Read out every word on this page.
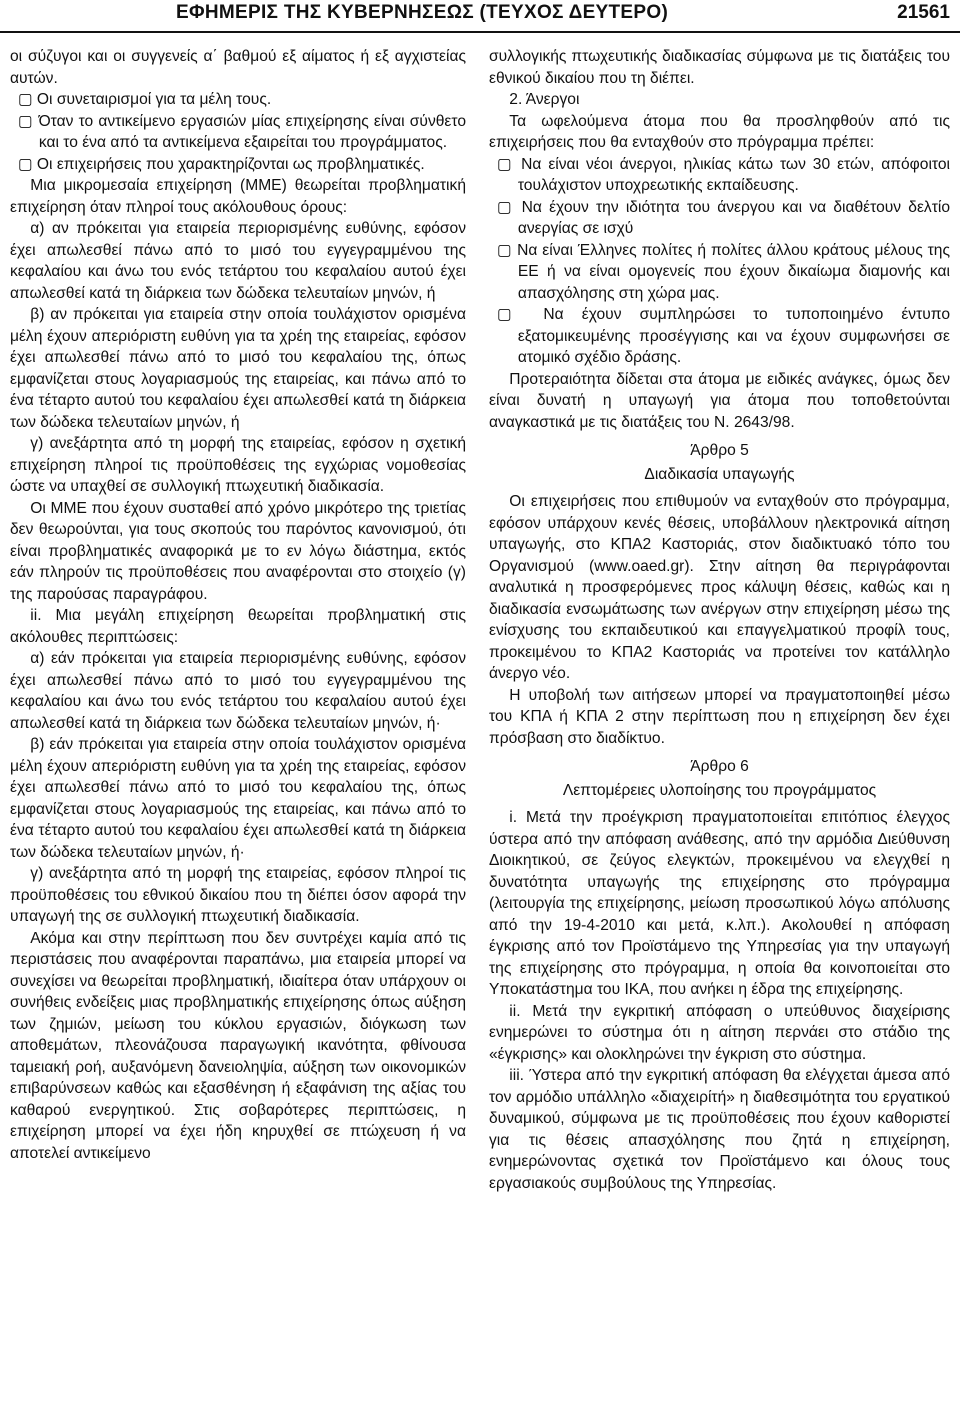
ΕΦΗΜΕΡΙΣ ΤΗΣ ΚΥΒΕΡΝΗΣΕΩΣ (ΤΕΥΧΟΣ ΔΕΥΤΕΡΟ)	21561

οι σύζυγοι και οι συγγενείς α΄ βαθμού εξ αίματος ή εξ αγχιστείας αυτών.

▢ Οι συνεταιρισμοί για τα μέλη τους.

▢ Όταν το αντικείμενο εργασιών μίας επιχείρησης είναι σύνθετο και το ένα από τα αντικείμενα εξαιρείται του προγράμματος.

▢ Οι επιχειρήσεις που χαρακτηρίζονται ως προβληματικές.

Μια μικρομεσαία επιχείρηση (ΜΜΕ) θεωρείται προβληματική επιχείρηση όταν πληροί τους ακόλουθους όρους:

α) αν πρόκειται για εταιρεία περιορισμένης ευθύνης, εφόσον έχει απωλεσθεί πάνω από το μισό του εγγεγραμμένου της κεφαλαίου και άνω του ενός τετάρτου του κεφαλαίου αυτού έχει απωλεσθεί κατά τη διάρκεια των δώδεκα τελευταίων μηνών, ή

β) αν πρόκειται για εταιρεία στην οποία τουλάχιστον ορισμένα μέλη έχουν απεριόριστη ευθύνη για τα χρέη της εταιρείας, εφόσον έχει απωλεσθεί πάνω από το μισό του κεφαλαίου της, όπως εμφανίζεται στους λογαριασμούς της εταιρείας, και πάνω από το ένα τέταρτο αυτού του κεφαλαίου έχει απωλεσθεί κατά τη διάρκεια των δώδεκα τελευταίων μηνών, ή

γ) ανεξάρτητα από τη μορφή της εταιρείας, εφόσον η σχετική επιχείρηση πληροί τις προϋποθέσεις της εγχώριας νομοθεσίας ώστε να υπαχθεί σε συλλογική πτωχευτική διαδικασία.

Οι ΜΜΕ που έχουν συσταθεί από χρόνο μικρότερο της τριετίας δεν θεωρούνται, για τους σκοπούς του παρόντος κανονισμού, ότι είναι προβληματικές αναφορικά με το εν λόγω διάστημα, εκτός εάν πληρούν τις προϋποθέσεις που αναφέρονται στο στοιχείο (γ) της παρούσας παραγράφου.

ii. Μια μεγάλη επιχείρηση θεωρείται προβληματική στις ακόλουθες περιπτώσεις:

α) εάν πρόκειται για εταιρεία περιορισμένης ευθύνης, εφόσον έχει απωλεσθεί πάνω από το μισό του εγγεγραμμένου της κεφαλαίου και άνω του ενός τετάρτου του κεφαλαίου αυτού έχει απωλεσθεί κατά τη διάρκεια των δώδεκα τελευταίων μηνών, ή·

β) εάν πρόκειται για εταιρεία στην οποία τουλάχιστον ορισμένα μέλη έχουν απεριόριστη ευθύνη για τα χρέη της εταιρείας, εφόσον έχει απωλεσθεί πάνω από το μισό του κεφαλαίου της, όπως εμφανίζεται στους λογαριασμούς της εταιρείας, και πάνω από το ένα τέταρτο αυτού του κεφαλαίου έχει απωλεσθεί κατά τη διάρκεια των δώδεκα τελευταίων μηνών, ή·

γ) ανεξάρτητα από τη μορφή της εταιρείας, εφόσον πληροί τις προϋποθέσεις του εθνικού δικαίου που τη διέπει όσον αφορά την υπαγωγή της σε συλλογική πτωχευτική διαδικασία.

Ακόμα και στην περίπτωση που δεν συντρέχει καμία από τις περιστάσεις που αναφέρονται παραπάνω, μια εταιρεία μπορεί να συνεχίσει να θεωρείται προβληματική, ιδιαίτερα όταν υπάρχουν οι συνήθεις ενδείξεις μιας προβληματικής επιχείρησης όπως αύξηση των ζημιών, μείωση του κύκλου εργασιών, διόγκωση των αποθεμάτων, πλεονάζουσα παραγωγική ικανότητα, φθίνουσα ταμειακή ροή, αυξανόμενη δανειοληψία, αύξηση των οικονομικών επιβαρύνσεων καθώς και εξασθένηση ή εξαφάνιση της αξίας του καθαρού ενεργητικού. Στις σοβαρότερες περιπτώσεις, η επιχείρηση μπορεί να έχει ήδη κηρυχθεί σε πτώχευση ή να αποτελεί αντικείμενο

συλλογικής πτωχευτικής διαδικασίας σύμφωνα με τις διατάξεις του εθνικού δικαίου που τη διέπει.

2. Άνεργοι

Τα ωφελούμενα άτομα που θα προσληφθούν από τις επιχειρήσεις που θα ενταχθούν στο πρόγραμμα πρέπει:

▢ Να είναι νέοι άνεργοι, ηλικίας κάτω των 30 ετών, απόφοιτοι τουλάχιστον υποχρεωτικής εκπαίδευσης.

▢ Να έχουν την ιδιότητα του άνεργου και να διαθέτουν δελτίο ανεργίας σε ισχύ

▢ Να είναι Έλληνες πολίτες ή πολίτες άλλου κράτους μέλους της ΕΕ ή να είναι ομογενείς που έχουν δικαίωμα διαμονής και απασχόλησης στη χώρα μας.

▢ Να έχουν συμπληρώσει το τυποποιημένο έντυπο εξατομικευμένης προσέγγισης και να έχουν συμφωνήσει σε ατομικό σχέδιο δράσης.

Προτεραιότητα δίδεται στα άτομα με ειδικές ανάγκες, όμως δεν είναι δυνατή η υπαγωγή για άτομα που τοποθετούνται αναγκαστικά με τις διατάξεις του Ν. 2643/98.

Άρθρο 5

Διαδικασία υπαγωγής

Οι επιχειρήσεις που επιθυμούν να ενταχθούν στο πρόγραμμα, εφόσον υπάρχουν κενές θέσεις, υποβάλλουν ηλεκτρονικά αίτηση υπαγωγής, στο ΚΠΑ2 Καστοριάς, στον διαδικτυακό τόπο του Οργανισμού (www.oaed.gr). Στην αίτηση θα περιγράφονται αναλυτικά η προσφερόμενες προς κάλυψη θέσεις, καθώς και η διαδικασία ενσωμάτωσης των ανέργων στην επιχείρηση μέσω της ενίσχυσης του εκπαιδευτικού και επαγγελματικού προφίλ τους, προκειμένου το ΚΠΑ2 Καστοριάς να προτείνει τον κατάλληλο άνεργο νέο.

Η υποβολή των αιτήσεων μπορεί να πραγματοποιηθεί μέσω του ΚΠΑ ή ΚΠΑ 2 στην περίπτωση που η επιχείρηση δεν έχει πρόσβαση στο διαδίκτυο.

Άρθρο 6

Λεπτομέρειες υλοποίησης του προγράμματος

i. Μετά την προέγκριση πραγματοποιείται επιτόπιος έλεγχος ύστερα από την απόφαση ανάθεσης, από την αρμόδια Διεύθυνση Διοικητικού, σε ζεύγος ελεγκτών, προκειμένου να ελεγχθεί η δυνατότητα υπαγωγής της επιχείρησης στο πρόγραμμα (λειτουργία της επιχείρησης, μείωση προσωπικού λόγω απόλυσης από την 19-4-2010 και μετά, κ.λπ.). Ακολουθεί η απόφαση έγκρισης από τον Προϊστάμενο της Υπηρεσίας για την υπαγωγή της επιχείρησης στο πρόγραμμα, η οποία θα κοινοποιείται στο Υποκατάστημα του ΙΚΑ, που ανήκει η έδρα της επιχείρησης.

ii. Μετά την εγκριτική απόφαση ο υπεύθυνος διαχείρισης ενημερώνει το σύστημα ότι η αίτηση περνάει στο στάδιο της «έγκρισης» και ολοκληρώνει την έγκριση στο σύστημα.

iii. Ύστερα από την εγκριτική απόφαση θα ελέγχεται άμεσα από τον αρμόδιο υπάλληλο «διαχειρίτή» η διαθεσιμότητα του εργατικού δυναμικού, σύμφωνα με τις προϋποθέσεις που έχουν καθοριστεί για τις θέσεις απασχόλησης που ζητά η επιχείρηση, ενημερώνοντας σχετικά τον Προϊστάμενο και όλους τους εργασιακούς συμβούλους της Υπηρεσίας.
